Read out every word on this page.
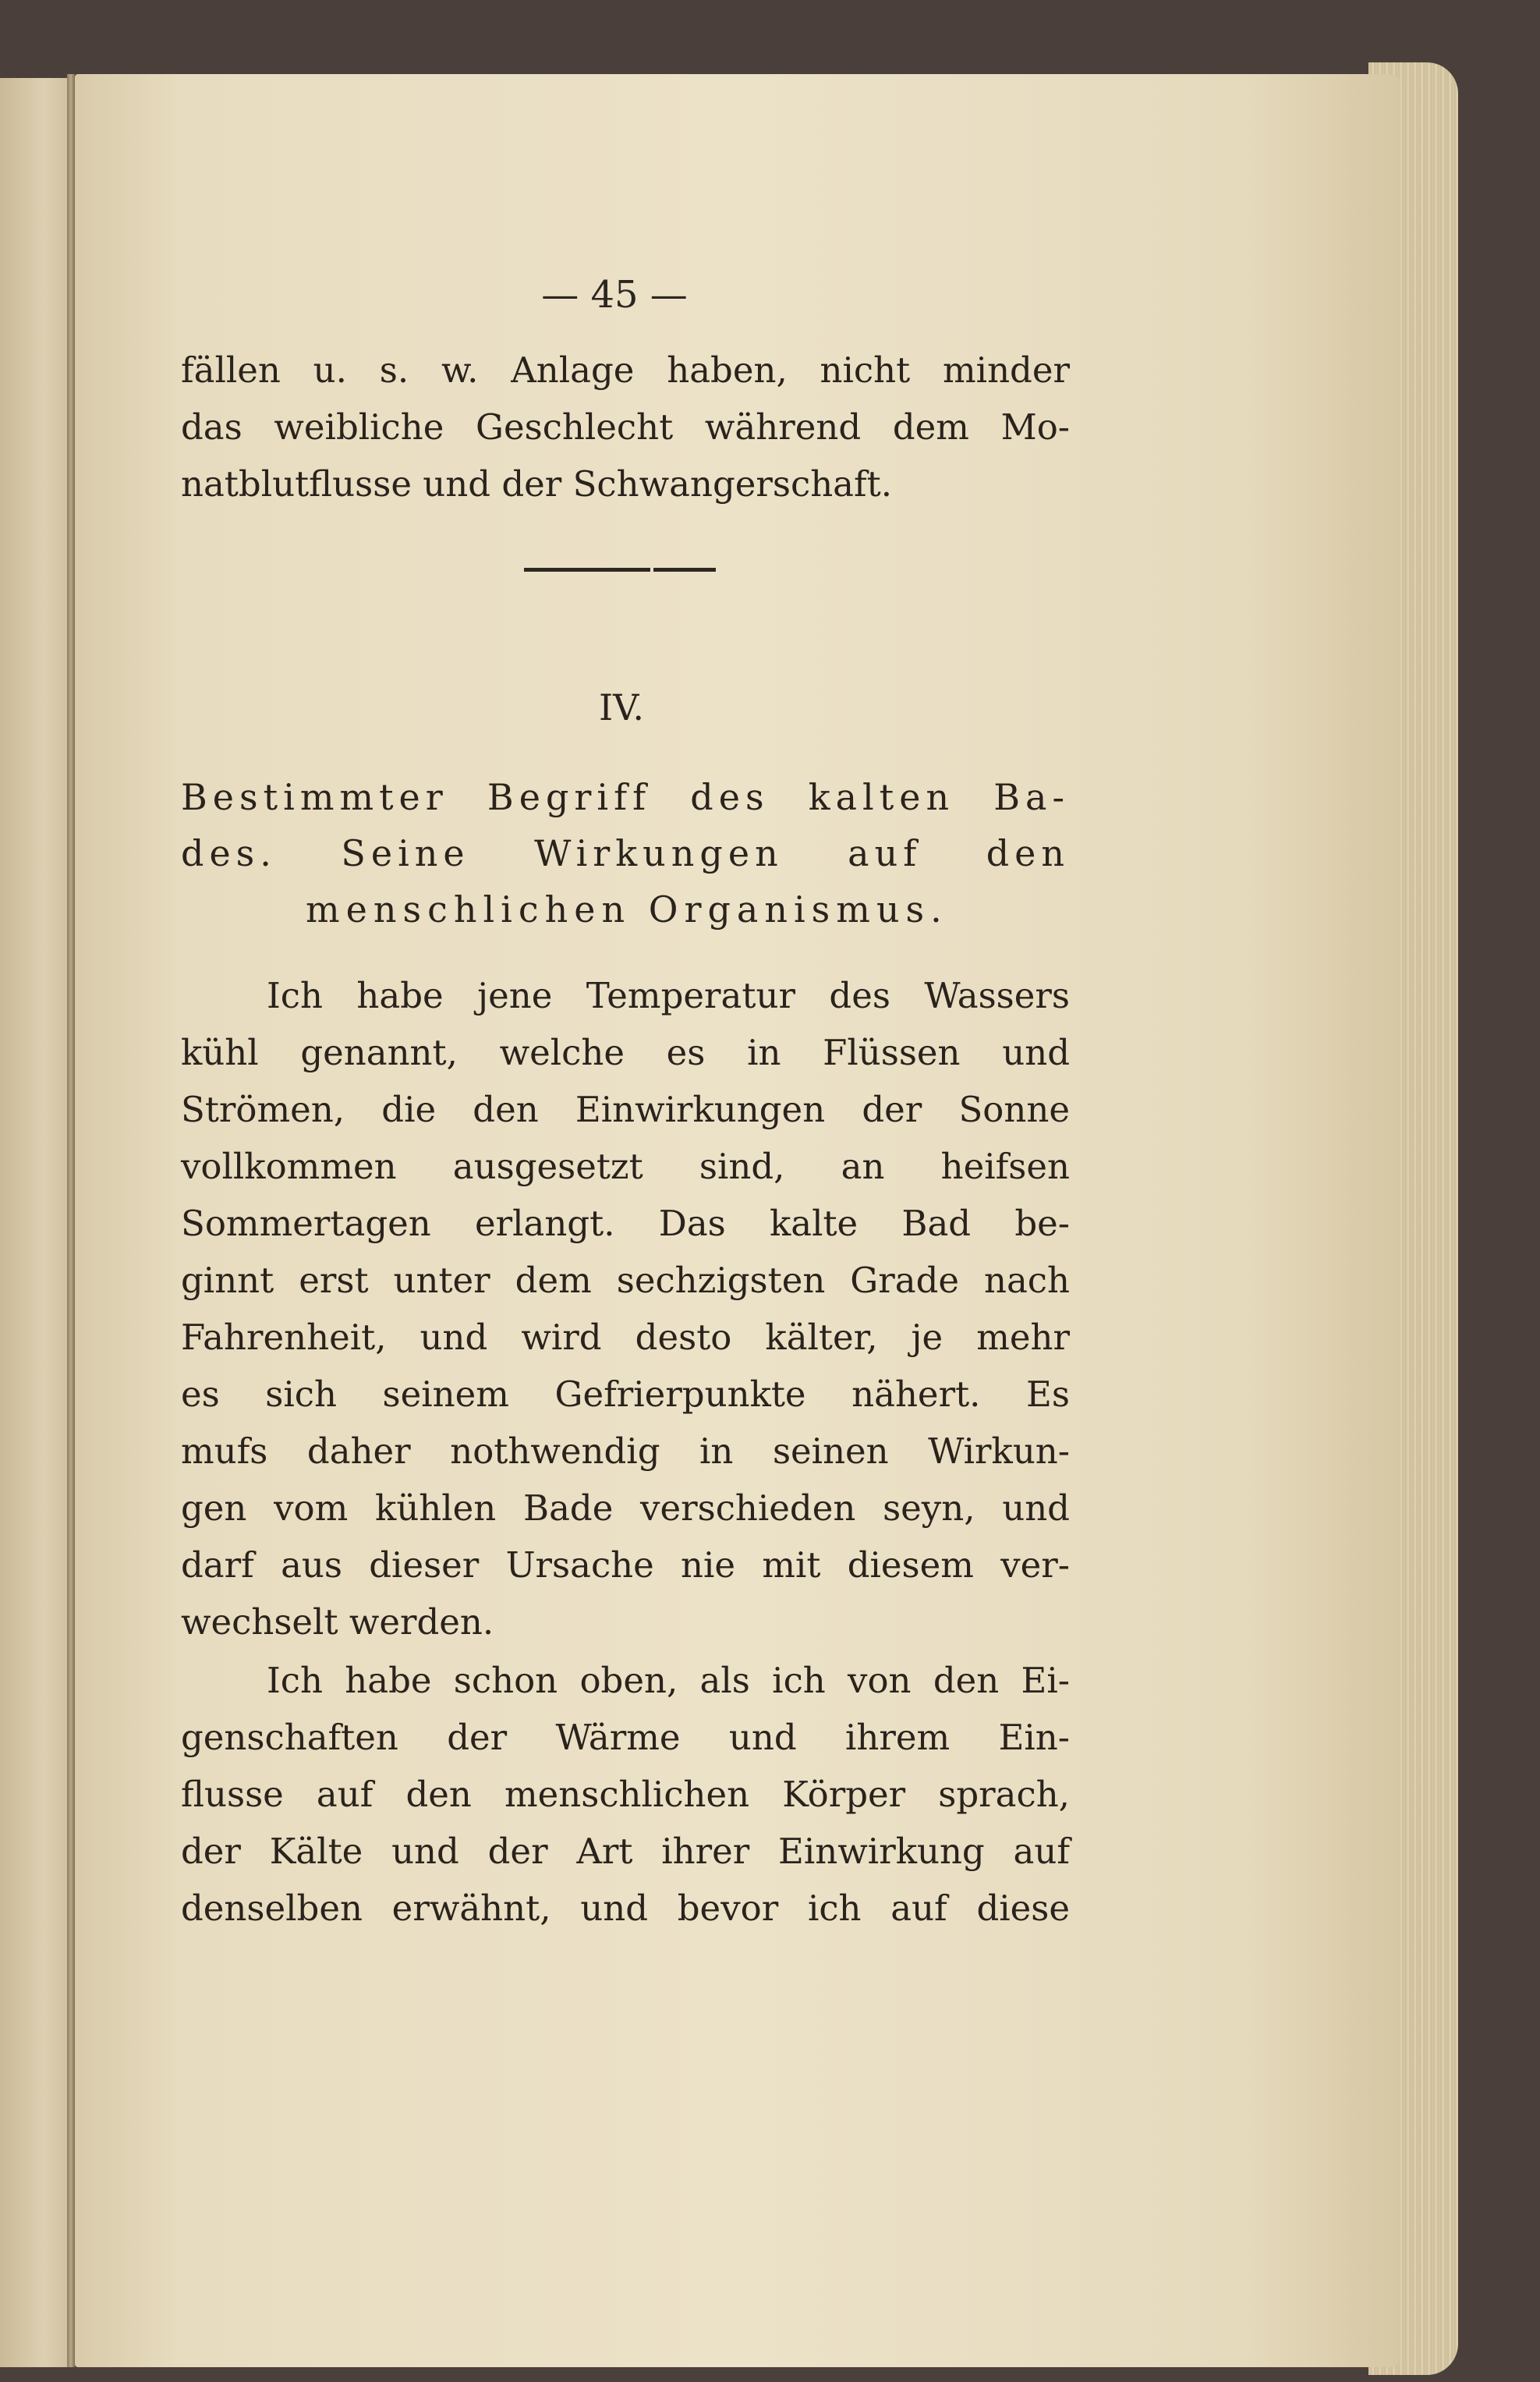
— 45 —
fällen u. s. w. Anlage haben, nicht minder
das weibliche Geschlecht während dem Mo-
natblutflusse und der Schwangerschaft.
IV.
Bestimmter Begriff des kalten Ba-
des. Seine Wirkungen auf den
menschlichen Organismus.
Ich habe jene Temperatur des Wassers
kühl genannt, welche es in Flüssen und
Strömen, die den Einwirkungen der Sonne
vollkommen ausgesetzt sind, an heifsen
Sommertagen erlangt. Das kalte Bad be-
ginnt erst unter dem sechzigsten Grade nach
Fahrenheit, und wird desto kälter, je mehr
es sich seinem Gefrierpunkte nähert. Es
mufs daher nothwendig in seinen Wirkun-
gen vom kühlen Bade verschieden seyn, und
darf aus dieser Ursache nie mit diesem ver-
wechselt werden.
Ich habe schon oben, als ich von den Ei-
genschaften der Wärme und ihrem Ein-
flusse auf den menschlichen Körper sprach,
der Kälte und der Art ihrer Einwirkung auf
denselben erwähnt, und bevor ich auf diese
